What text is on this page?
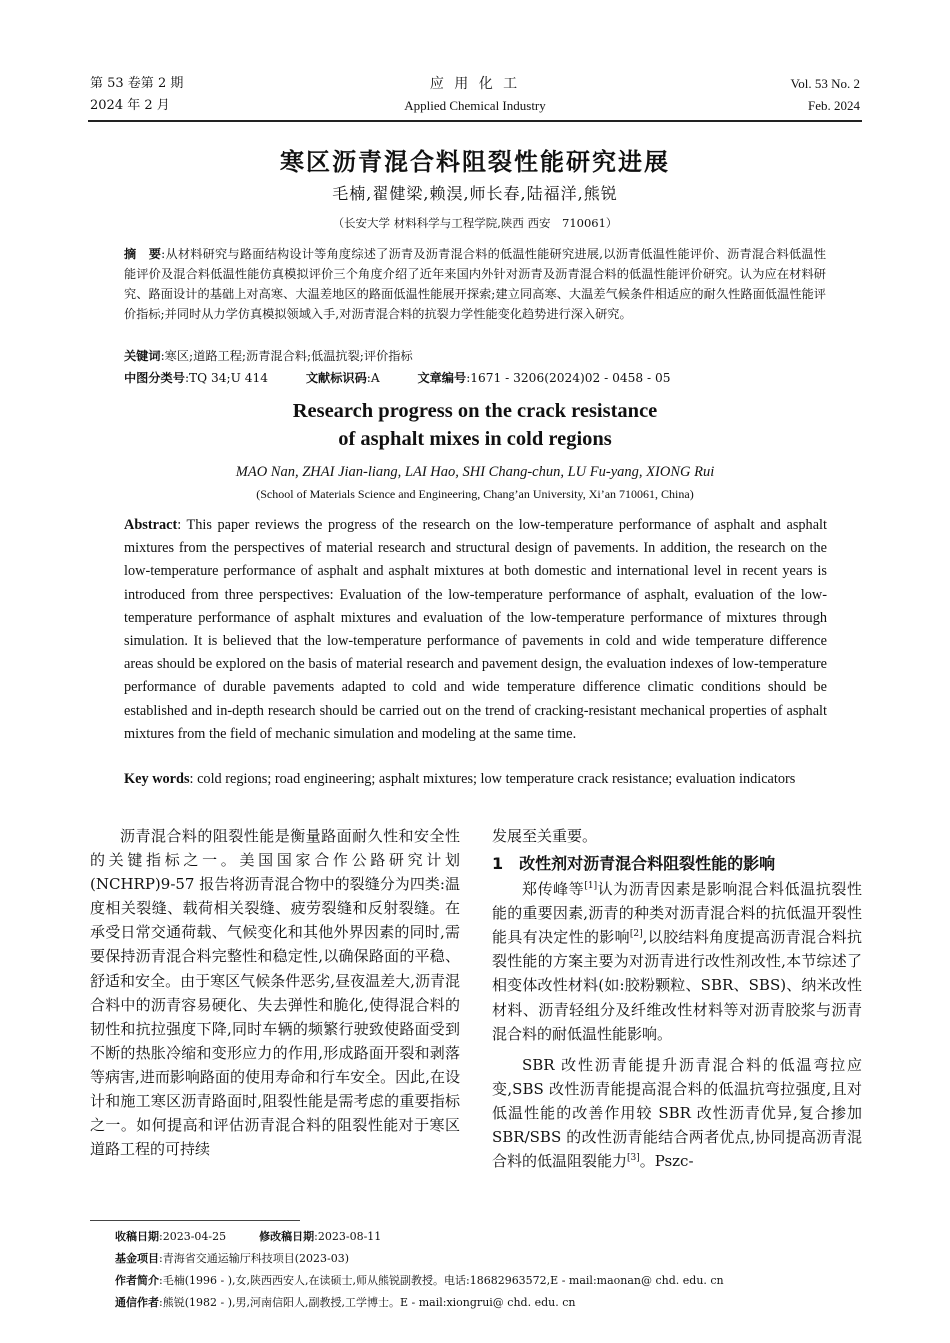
第 53 卷第 2 期
2024 年 2 月
应 用 化 工
Applied Chemical Industry
Vol. 53 No. 2
Feb. 2024
寒区沥青混合料阻裂性能研究进展
毛楠,翟健梁,赖淏,师长春,陆福洋,熊锐
（长安大学 材料科学与工程学院,陕西 西安　710061）
摘　要:从材料研究与路面结构设计等角度综述了沥青及沥青混合料的低温性能研究进展,以沥青低温性能评价、沥青混合料低温性能评价及混合料低温性能仿真模拟评价三个角度介绍了近年来国内外针对沥青及沥青混合料的低温性能评价研究。认为应在材料研究、路面设计的基础上对高寒、大温差地区的路面低温性能展开探索;建立同高寒、大温差气候条件相适应的耐久性路面低温性能评价指标;并同时从力学仿真模拟领域入手,对沥青混合料的抗裂力学性能变化趋势进行深入研究。
关键词:寒区;道路工程;沥青混合料;低温抗裂;评价指标
中图分类号:TQ 34;U 414	文献标识码:A	文章编号:1671 - 3206(2024)02 - 0458 - 05
Research progress on the crack resistance
of asphalt mixes in cold regions
MAO Nan, ZHAI Jian-liang, LAI Hao, SHI Chang-chun, LU Fu-yang, XIONG Rui
(School of Materials Science and Engineering, Chang’an University, Xi’an 710061, China)
Abstract: This paper reviews the progress of the research on the low-temperature performance of asphalt and asphalt mixtures from the perspectives of material research and structural design of pavements. In addition, the research on the low-temperature performance of asphalt and asphalt mixtures at both domestic and international level in recent years is introduced from three perspectives: Evaluation of the low-temperature performance of asphalt, evaluation of the low-temperature performance of asphalt mixtures and evaluation of the low-temperature performance of mixtures through simulation. It is believed that the low-temperature performance of pavements in cold and wide temperature difference areas should be explored on the basis of material research and pavement design, the evaluation indexes of low-temperature performance of durable pavements adapted to cold and wide temperature difference climatic conditions should be established and in-depth research should be carried out on the trend of cracking-resistant mechanical properties of asphalt mixtures from the field of mechanic simulation and modeling at the same time.
Key words: cold regions; road engineering; asphalt mixtures; low temperature crack resistance; evaluation indicators

沥青混合料的阻裂性能是衡量路面耐久性和安全性的关键指标之一。美国国家合作公路研究计划(NCHRP)9-57 报告将沥青混合物中的裂缝分为四类:温度相关裂缝、载荷相关裂缝、疲劳裂缝和反射裂缝。在承受日常交通荷载、气候变化和其他外界因素的同时,需要保持沥青混合料完整性和稳定性,以确保路面的平稳、舒适和安全。由于寒区气候条件恶劣,昼夜温差大,沥青混合料中的沥青容易硬化、失去弹性和脆化,使得混合料的韧性和抗拉强度下降,同时车辆的频繁行驶致使路面受到不断的热胀冷缩和变形应力的作用,形成路面开裂和剥落等病害,进而影响路面的使用寿命和行车安全。因此,在设计和施工寒区沥青路面时,阻裂性能是需考虑的重要指标之一。如何提高和评估沥青混合料的阻裂性能对于寒区道路工程的可持续

发展至关重要。

1　改性剂对沥青混合料阻裂性能的影响

郑传峰等[1]认为沥青因素是影响混合料低温抗裂性能的重要因素,沥青的种类对沥青混合料的抗低温开裂性能具有决定性的影响[2],以胶结料角度提高沥青混合料抗裂性能的方案主要为对沥青进行改性剂改性,本节综述了相变体改性材料(如:胶粉颗粒、SBR、SBS)、纳米改性材料、沥青轻组分及纤维改性材料等对沥青胶浆与沥青混合料的耐低温性能影响。

SBR 改性沥青能提升沥青混合料的低温弯拉应变,SBS 改性沥青能提高混合料的低温抗弯拉强度,且对低温性能的改善作用较 SBR 改性沥青优异,复合掺加 SBR/SBS 的改性沥青能结合两者优点,协同提高沥青混合料的低温阻裂能力[3]。Pszc-

收稿日期:2023-04-25	修改稿日期:2023-08-11
基金项目:青海省交通运输厅科技项目(2023-03)
作者简介:毛楠(1996 - ),女,陕西西安人,在读硕士,师从熊锐副教授。电话:18682963572,E - mail:maonan@ chd. edu. cn
通信作者:熊锐(1982 - ),男,河南信阳人,副教授,工学博士。E - mail:xiongrui@ chd. edu. cn
